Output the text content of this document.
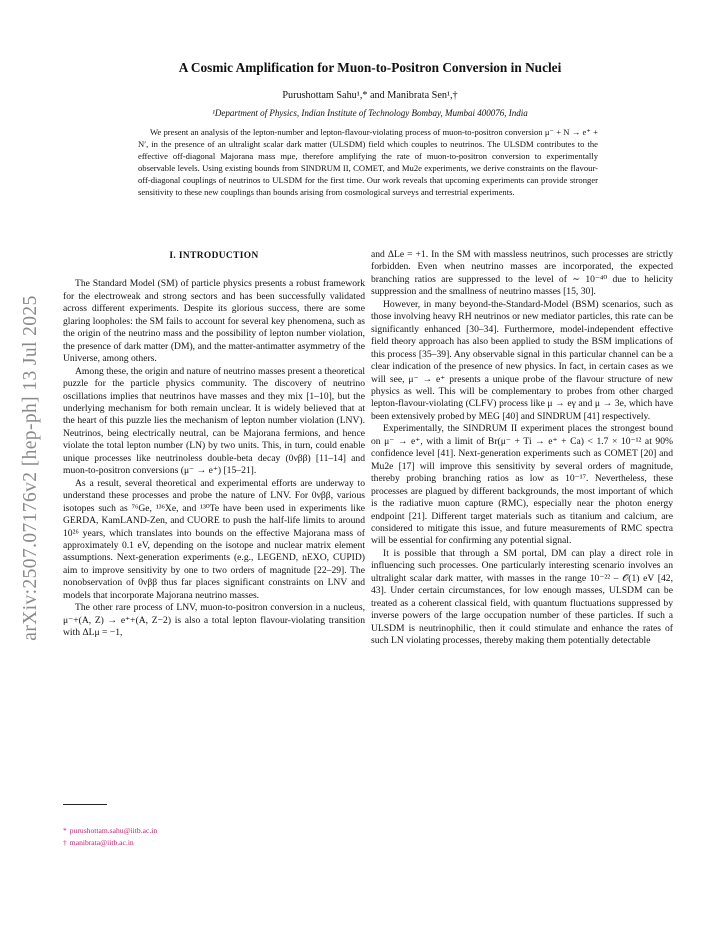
arXiv:2507.07176v2 [hep-ph] 13 Jul 2025
A Cosmic Amplification for Muon-to-Positron Conversion in Nuclei
Purushottam Sahu¹,* and Manibrata Sen¹,†
¹Department of Physics, Indian Institute of Technology Bombay, Mumbai 400076, India
We present an analysis of the lepton-number and lepton-flavour-violating process of muon-to-positron conversion μ⁻ + N → e⁺ + N′, in the presence of an ultralight scalar dark matter (ULSDM) field which couples to neutrinos. The ULSDM contributes to the effective off-diagonal Majorana mass mμe, therefore amplifying the rate of muon-to-positron conversion to experimentally observable levels. Using existing bounds from SINDRUM II, COMET, and Mu2e experiments, we derive constraints on the flavour-off-diagonal couplings of neutrinos to ULSDM for the first time. Our work reveals that upcoming experiments can provide stronger sensitivity to these new couplings than bounds arising from cosmological surveys and terrestrial experiments.
I. INTRODUCTION

The Standard Model (SM) of particle physics presents a robust framework for the electroweak and strong sectors and has been successfully validated across different experiments. Despite its glorious success, there are some glaring loopholes: the SM fails to account for several key phenomena, such as the origin of the neutrino mass and the possibility of lepton number violation, the presence of dark matter (DM), and the matter-antimatter asymmetry of the Universe, among others.

Among these, the origin and nature of neutrino masses present a theoretical puzzle for the particle physics community. The discovery of neutrino oscillations implies that neutrinos have masses and they mix [1–10], but the underlying mechanism for both remain unclear. It is widely believed that at the heart of this puzzle lies the mechanism of lepton number violation (LNV). Neutrinos, being electrically neutral, can be Majorana fermions, and hence violate the total lepton number (LN) by two units. This, in turn, could enable unique processes like neutrinoless double-beta decay (0νββ) [11–14] and muon-to-positron conversions (μ⁻ → e⁺) [15–21].

As a result, several theoretical and experimental efforts are underway to understand these processes and probe the nature of LNV. For 0νββ, various isotopes such as ⁷⁶Ge, ¹³⁶Xe, and ¹³⁰Te have been used in experiments like GERDA, KamLAND-Zen, and CUORE to push the half-life limits to around 10²⁶ years, which translates into bounds on the effective Majorana mass of approximately 0.1 eV, depending on the isotope and nuclear matrix element assumptions. Next-generation experiments (e.g., LEGEND, nEXO, CUPID) aim to improve sensitivity by one to two orders of magnitude [22–29]. The nonobservation of 0νββ thus far places significant constraints on LNV and models that incorporate Majorana neutrino masses.

The other rare process of LNV, muon-to-positron conversion in a nucleus, μ⁻+(A, Z) → e⁺+(A, Z−2) is also a total lepton flavour-violating transition with ΔLμ = −1,

and ΔLe = +1. In the SM with massless neutrinos, such processes are strictly forbidden. Even when neutrino masses are incorporated, the expected branching ratios are suppressed to the level of ∼ 10⁻⁴⁰ due to helicity suppression and the smallness of neutrino masses [15, 30].

However, in many beyond-the-Standard-Model (BSM) scenarios, such as those involving heavy RH neutrinos or new mediator particles, this rate can be significantly enhanced [30–34]. Furthermore, model-independent effective field theory approach has also been applied to study the BSM implications of this process [35–39]. Any observable signal in this particular channel can be a clear indication of the presence of new physics. In fact, in certain cases as we will see, μ⁻ → e⁺ presents a unique probe of the flavour structure of new physics as well. This will be complementary to probes from other charged lepton-flavour-violating (CLFV) process like μ → eγ and μ → 3e, which have been extensively probed by MEG [40] and SINDRUM [41] respectively.

Experimentally, the SINDRUM II experiment places the strongest bound on μ⁻ → e⁺, with a limit of Br(μ⁻ + Ti → e⁺ + Ca) < 1.7 × 10⁻¹² at 90% confidence level [41]. Next-generation experiments such as COMET [20] and Mu2e [17] will improve this sensitivity by several orders of magnitude, thereby probing branching ratios as low as 10⁻¹⁷. Nevertheless, these processes are plagued by different backgrounds, the most important of which is the radiative muon capture (RMC), especially near the photon energy endpoint [21]. Different target materials such as titanium and calcium, are considered to mitigate this issue, and future measurements of RMC spectra will be essential for confirming any potential signal.

It is possible that through a SM portal, DM can play a direct role in influencing such processes. One particularly interesting scenario involves an ultralight scalar dark matter, with masses in the range 10⁻²² – 𝒪(1) eV [42, 43]. Under certain circumstances, for low enough masses, ULSDM can be treated as a coherent classical field, with quantum fluctuations suppressed by inverse powers of the large occupation number of these particles. If such a ULSDM is neutrinophilic, then it could stimulate and enhance the rates of such LN violating processes, thereby making them potentially detectable

* purushottam.sahu@iitb.ac.in
† manibrata@iitb.ac.in
